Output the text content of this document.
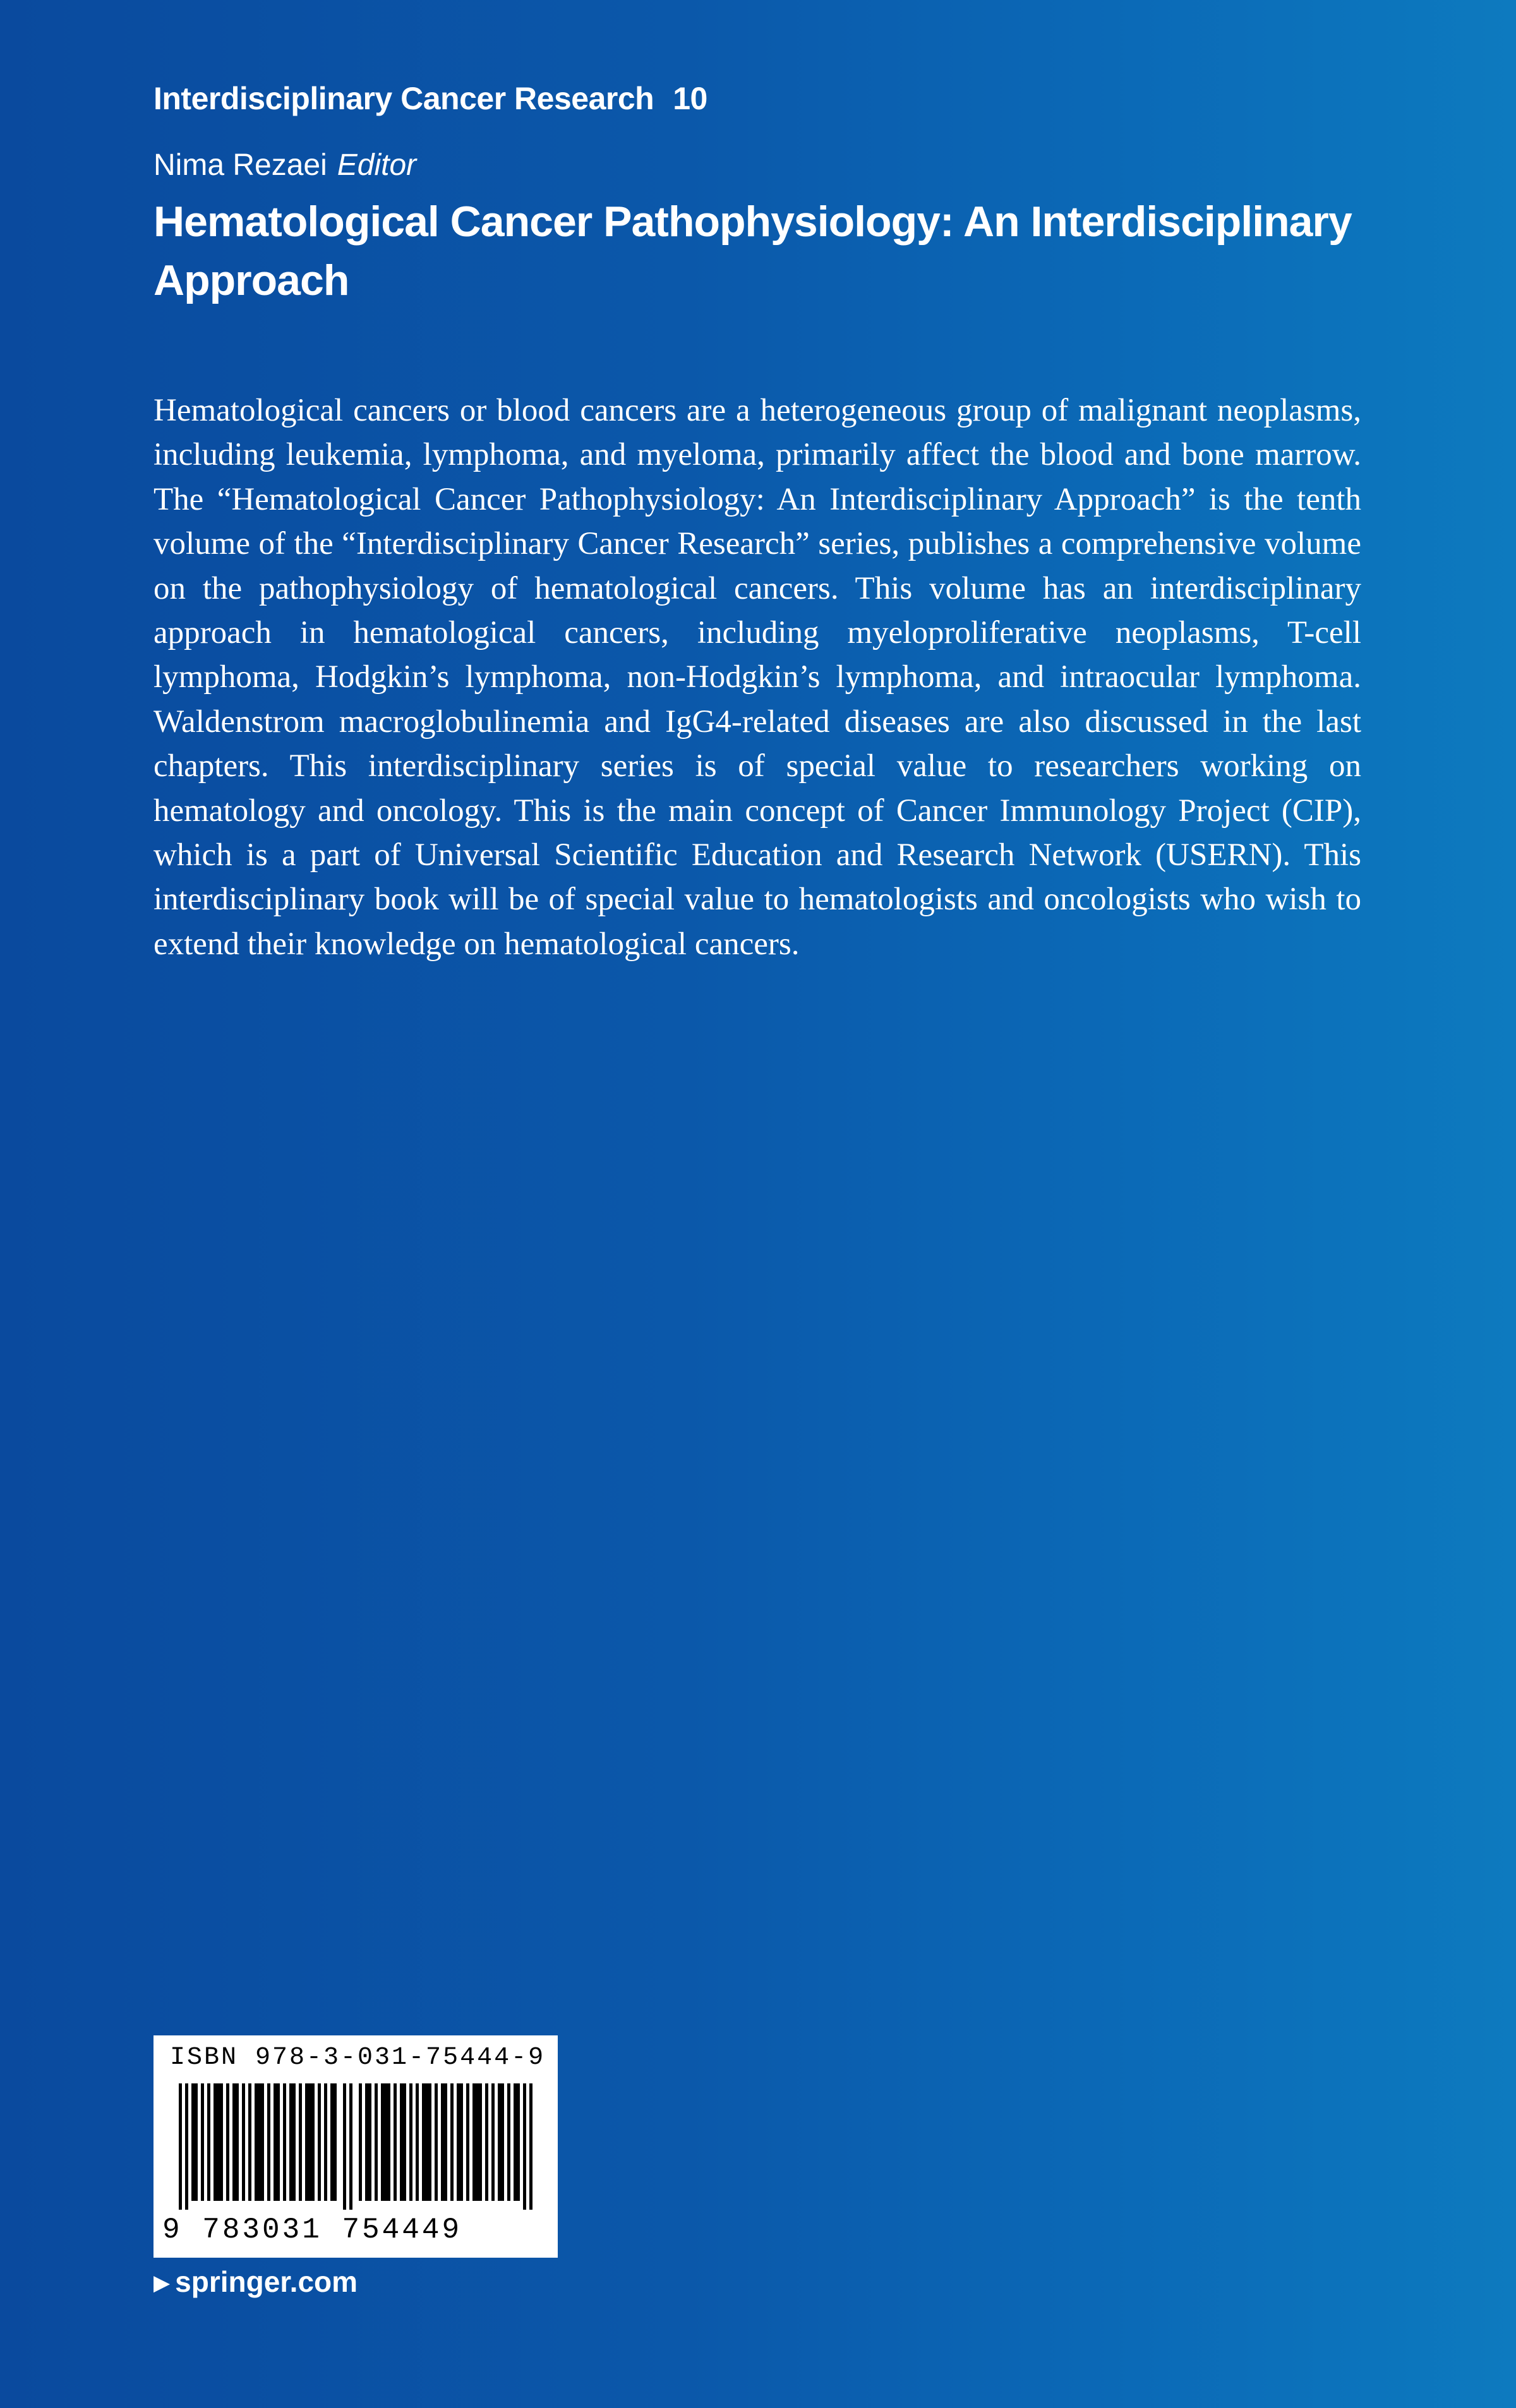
Interdisciplinary Cancer Research 10
Nima Rezaei Editor
Hematological Cancer Pathophysiology: An Interdisciplinary Approach

Hematological cancers or blood cancers are a heterogeneous group of malignant neoplasms, including leukemia, lymphoma, and myeloma, primarily affect the blood and bone marrow. The “Hematological Cancer Pathophysiology: An Interdisciplinary Approach” is the tenth volume of the “Interdisciplinary Cancer Research” series, publishes a comprehensive volume on the pathophysiology of hematological cancers. This volume has an interdisciplinary approach in hematological cancers, including myeloproliferative neoplasms, T-cell lymphoma, Hodgkin’s lymphoma, non-Hodgkin’s lymphoma, and intraocular lymphoma. Waldenstrom macroglobulinemia and IgG4-related diseases are also discussed in the last chapters. This interdisciplinary series is of special value to researchers working on hematology and oncology. This is the main concept of Cancer Immunology Project (CIP), which is a part of Universal Scientific Education and Research Network (USERN). This interdisciplinary book will be of special value to hematologists and oncologists who wish to extend their knowledge on hematological cancers.

ISBN 978-3-031-75444-9
9 783031 754449
▶ springer.com
